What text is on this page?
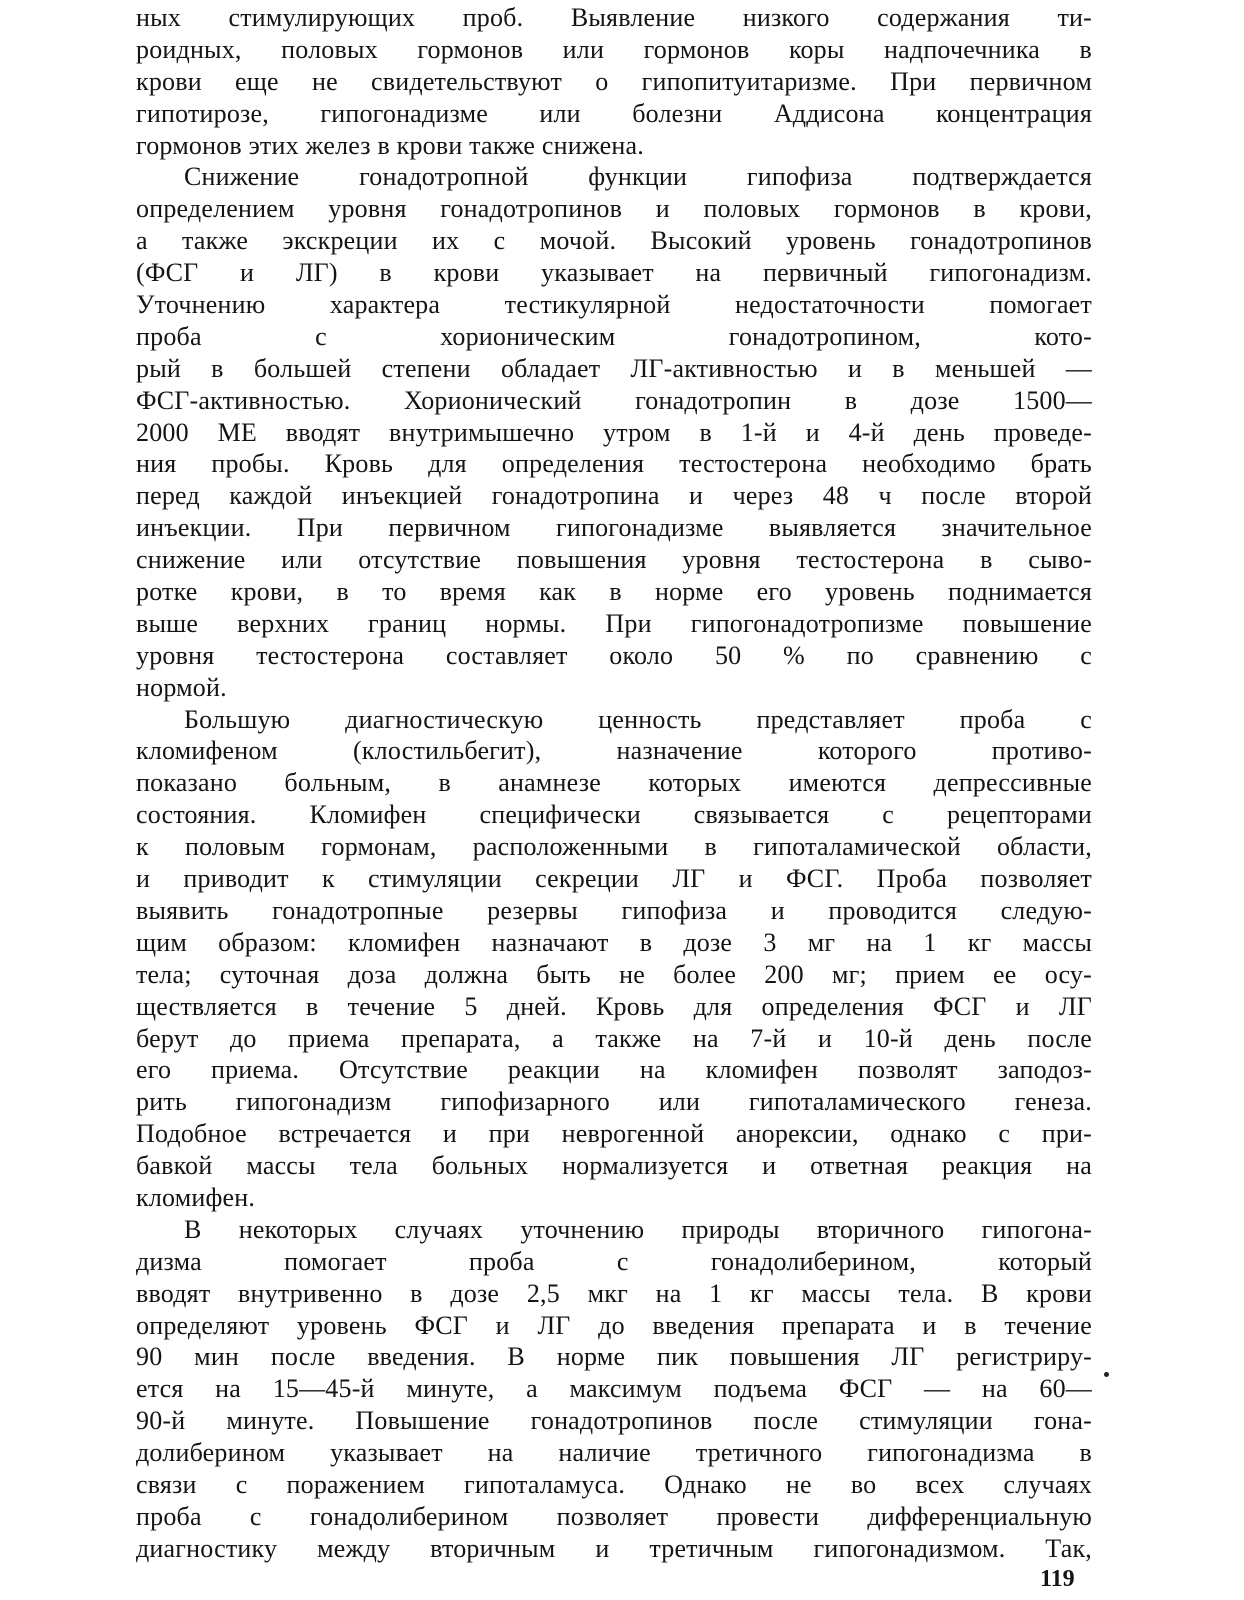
ных стимулирующих проб. Выявление низкого содержания ти-
роидных, половых гормонов или гормонов коры надпочечника в
крови еще не свидетельствуют о гипопитуитаризме. При первичном
гипотирозе, гипогонадизме или болезни Аддисона концентрация
гормонов этих желез в крови также снижена.

Снижение гонадотропной функции гипофиза подтверждается
определением уровня гонадотропинов и половых гормонов в крови,
а также экскреции их с мочой. Высокий уровень гонадотропинов
(ФСГ и ЛГ) в крови указывает на первичный гипогонадизм.
Уточнению характера тестикулярной недостаточности помогает
проба с хорионическим гонадотропином, кото-
рый в большей степени обладает ЛГ-активностью и в меньшей —
ФСГ-активностью. Хорионический гонадотропин в дозе 1500—
2000 МЕ вводят внутримышечно утром в 1-й и 4-й день проведе-
ния пробы. Кровь для определения тестостерона необходимо брать
перед каждой инъекцией гонадотропина и через 48 ч после второй
инъекции. При первичном гипогонадизме выявляется значительное
снижение или отсутствие повышения уровня тестостерона в сыво-
ротке крови, в то время как в норме его уровень поднимается
выше верхних границ нормы. При гипогонадотропизме повышение
уровня тестостерона составляет около 50 % по сравнению с
нормой.

Большую диагностическую ценность представляет проба с
кломифеном (клостильбегит), назначение которого противо-
показано больным, в анамнезе которых имеются депрессивные
состояния. Кломифен специфически связывается с рецепторами
к половым гормонам, расположенными в гипоталамической области,
и приводит к стимуляции секреции ЛГ и ФСГ. Проба позволяет
выявить гонадотропные резервы гипофиза и проводится следую-
щим образом: кломифен назначают в дозе 3 мг на 1 кг массы
тела; суточная доза должна быть не более 200 мг; прием ее осу-
ществляется в течение 5 дней. Кровь для определения ФСГ и ЛГ
берут до приема препарата, а также на 7-й и 10-й день после
его приема. Отсутствие реакции на кломифен позволят заподоз-
рить гипогонадизм гипофизарного или гипоталамического генеза.
Подобное встречается и при неврогенной анорексии, однако с при-
бавкой массы тела больных нормализуется и ответная реакция на
кломифен.

В некоторых случаях уточнению природы вторичного гипогона-
дизма помогает проба с гонадолиберином, который
вводят внутривенно в дозе 2,5 мкг на 1 кг массы тела. В крови
определяют уровень ФСГ и ЛГ до введения препарата и в течение
90 мин после введения. В норме пик повышения ЛГ регистриру-
ется на 15—45-й минуте, а максимум подъема ФСГ — на 60—
90-й минуте. Повышение гонадотропинов после стимуляции гона-
долиберином указывает на наличие третичного гипогонадизма в
связи с поражением гипоталамуса. Однако не во всех случаях
проба с гонадолиберином позволяет провести дифференциальную
диагностику между вторичным и третичным гипогонадизмом. Так,

119
